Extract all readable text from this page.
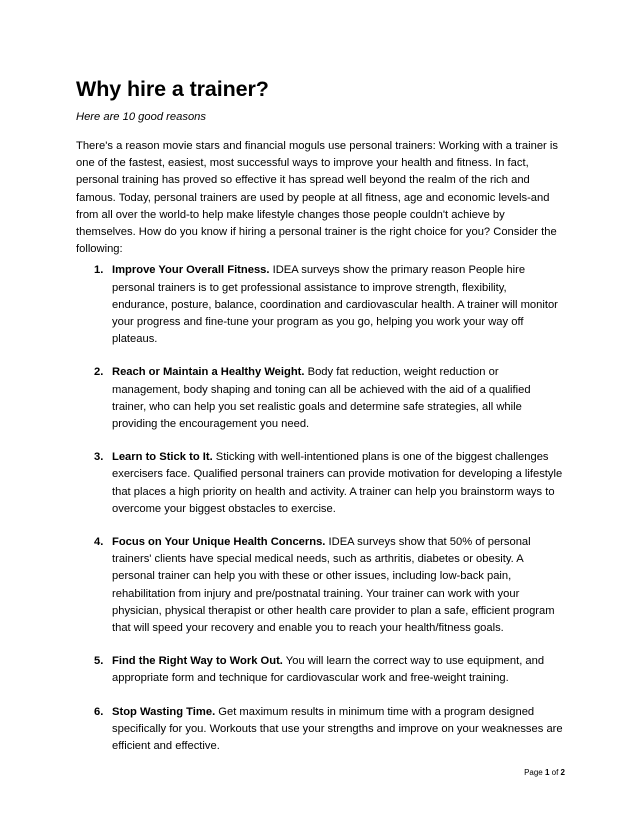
Why hire a trainer?

Here are 10 good reasons

There's a reason movie stars and financial moguls use personal trainers: Working with a trainer is one of the fastest, easiest, most successful ways to improve your health and fitness. In fact, personal training has proved so effective it has spread well beyond the realm of the rich and famous. Today, personal trainers are used by people at all fitness, age and economic levels-and from all over the world-to help make lifestyle changes those people couldn't achieve by themselves. How do you know if hiring a personal trainer is the right choice for you? Consider the following:

1. Improve Your Overall Fitness. IDEA surveys show the primary reason People hire personal trainers is to get professional assistance to improve strength, flexibility, endurance, posture, balance, coordination and cardiovascular health. A trainer will monitor your progress and fine-tune your program as you go, helping you work your way off plateaus.
2. Reach or Maintain a Healthy Weight. Body fat reduction, weight reduction or management, body shaping and toning can all be achieved with the aid of a qualified trainer, who can help you set realistic goals and determine safe strategies, all while providing the encouragement you need.
3. Learn to Stick to It. Sticking with well-intentioned plans is one of the biggest challenges exercisers face. Qualified personal trainers can provide motivation for developing a lifestyle that places a high priority on health and activity. A trainer can help you brainstorm ways to overcome your biggest obstacles to exercise.
4. Focus on Your Unique Health Concerns. IDEA surveys show that 50% of personal trainers' clients have special medical needs, such as arthritis, diabetes or obesity. A personal trainer can help you with these or other issues, including low-back pain, rehabilitation from injury and pre/postnatal training. Your trainer can work with your physician, physical therapist or other health care provider to plan a safe, efficient program that will speed your recovery and enable you to reach your health/fitness goals.
5. Find the Right Way to Work Out. You will learn the correct way to use equipment, and appropriate form and technique for cardiovascular work and free-weight training.
6. Stop Wasting Time. Get maximum results in minimum time with a program designed specifically for you. Workouts that use your strengths and improve on your weaknesses are efficient and effective.
Page 1 of 2
